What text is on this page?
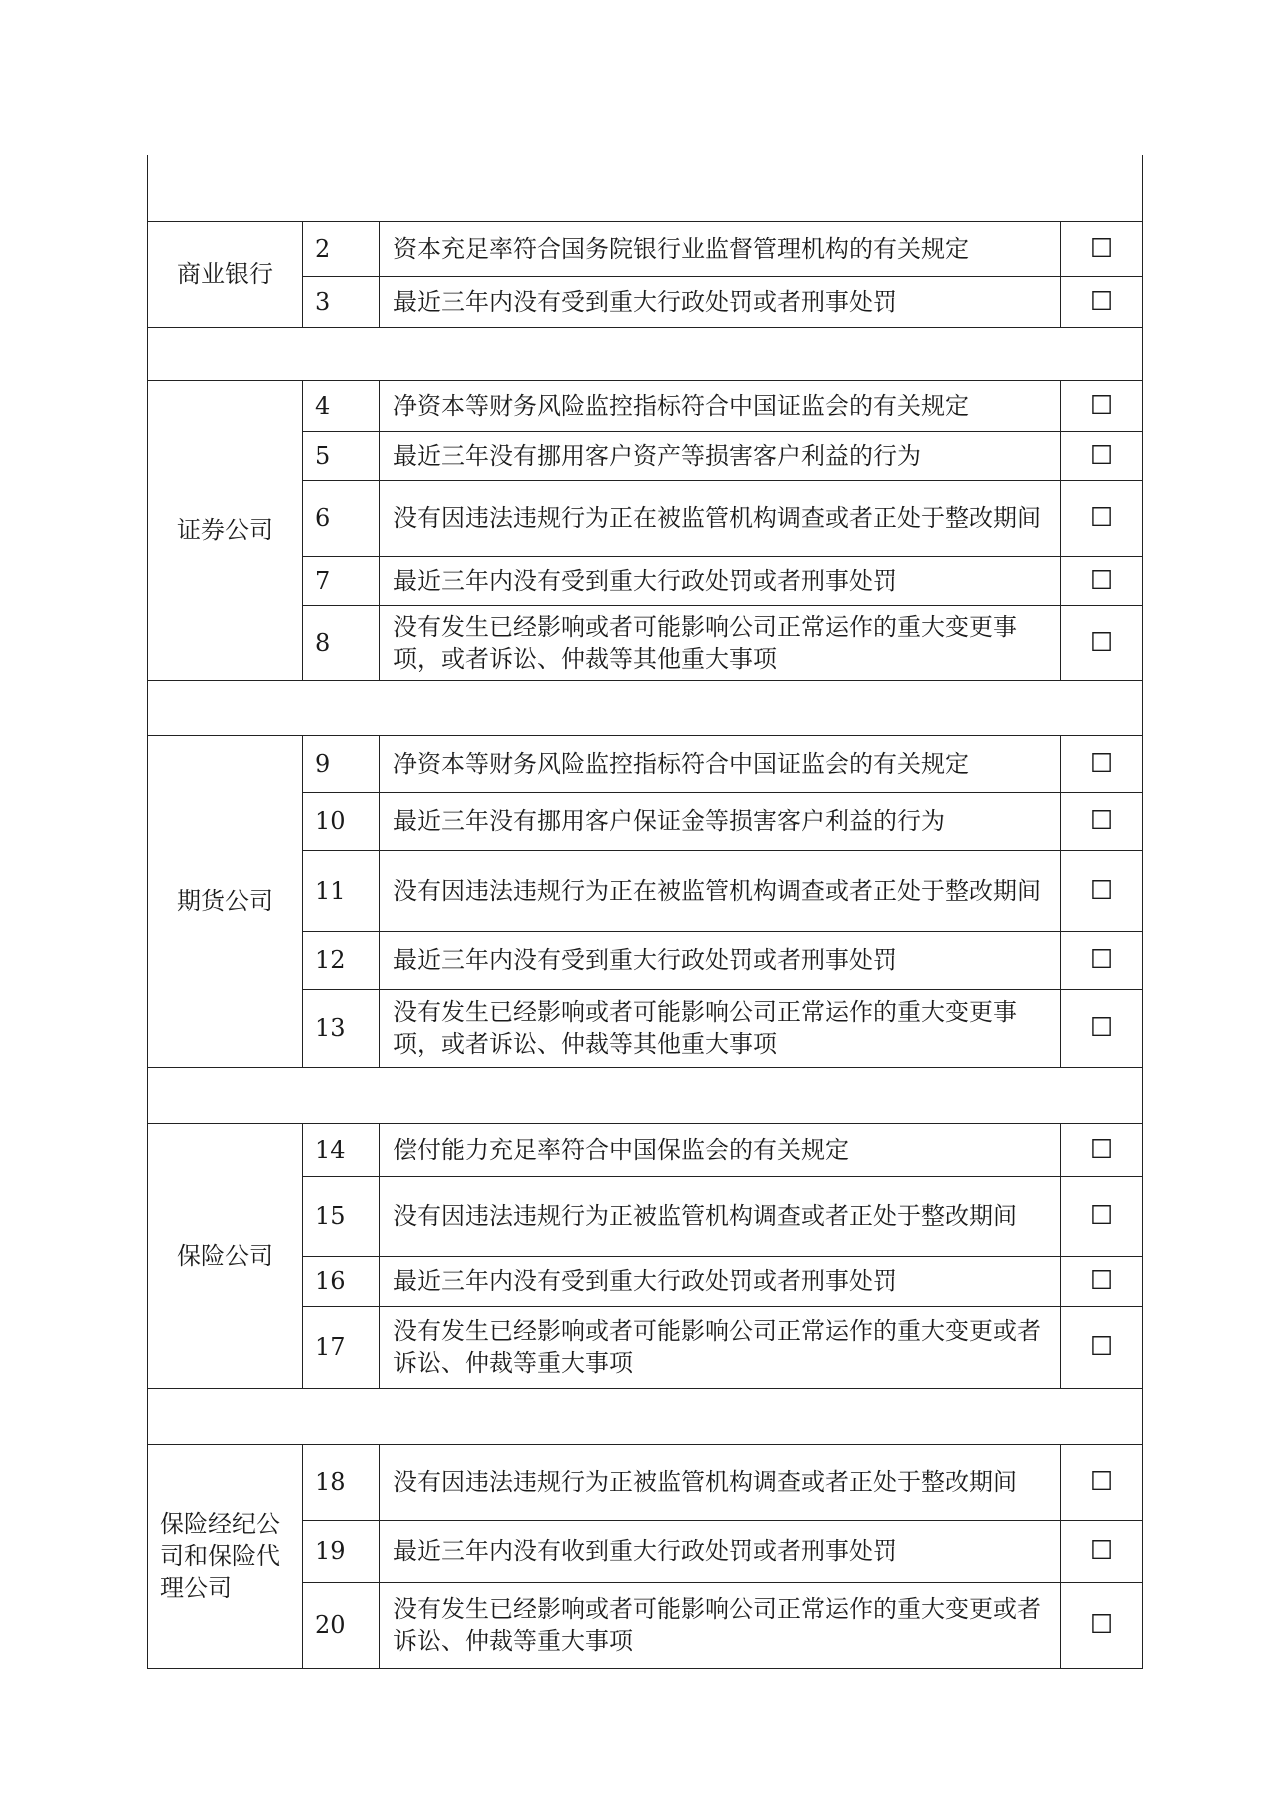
商业银行	2	资本充足率符合国务院银行业监督管理机构的有关规定	☐
	3	最近三年内没有受到重大行政处罚或者刑事处罚	☐

证券公司	4	净资本等财务风险监控指标符合中国证监会的有关规定	☐
	5	最近三年没有挪用客户资产等损害客户利益的行为	☐
	6	没有因违法违规行为正在被监管机构调查或者正处于整改期间	☐
	7	最近三年内没有受到重大行政处罚或者刑事处罚	☐
	8	没有发生已经影响或者可能影响公司正常运作的重大变更事项，或者诉讼、仲裁等其他重大事项	☐

期货公司	9	净资本等财务风险监控指标符合中国证监会的有关规定	☐
	10	最近三年没有挪用客户保证金等损害客户利益的行为	☐
	11	没有因违法违规行为正在被监管机构调查或者正处于整改期间	☐
	12	最近三年内没有受到重大行政处罚或者刑事处罚	☐
	13	没有发生已经影响或者可能影响公司正常运作的重大变更事项，或者诉讼、仲裁等其他重大事项	☐

保险公司	14	偿付能力充足率符合中国保监会的有关规定	☐
	15	没有因违法违规行为正被监管机构调查或者正处于整改期间	☐
	16	最近三年内没有受到重大行政处罚或者刑事处罚	☐
	17	没有发生已经影响或者可能影响公司正常运作的重大变更或者诉讼、仲裁等重大事项	☐

保险经纪公司和保险代理公司	18	没有因违法违规行为正被监管机构调查或者正处于整改期间	☐
	19	最近三年内没有收到重大行政处罚或者刑事处罚	☐
	20	没有发生已经影响或者可能影响公司正常运作的重大变更或者诉讼、仲裁等重大事项	☐
